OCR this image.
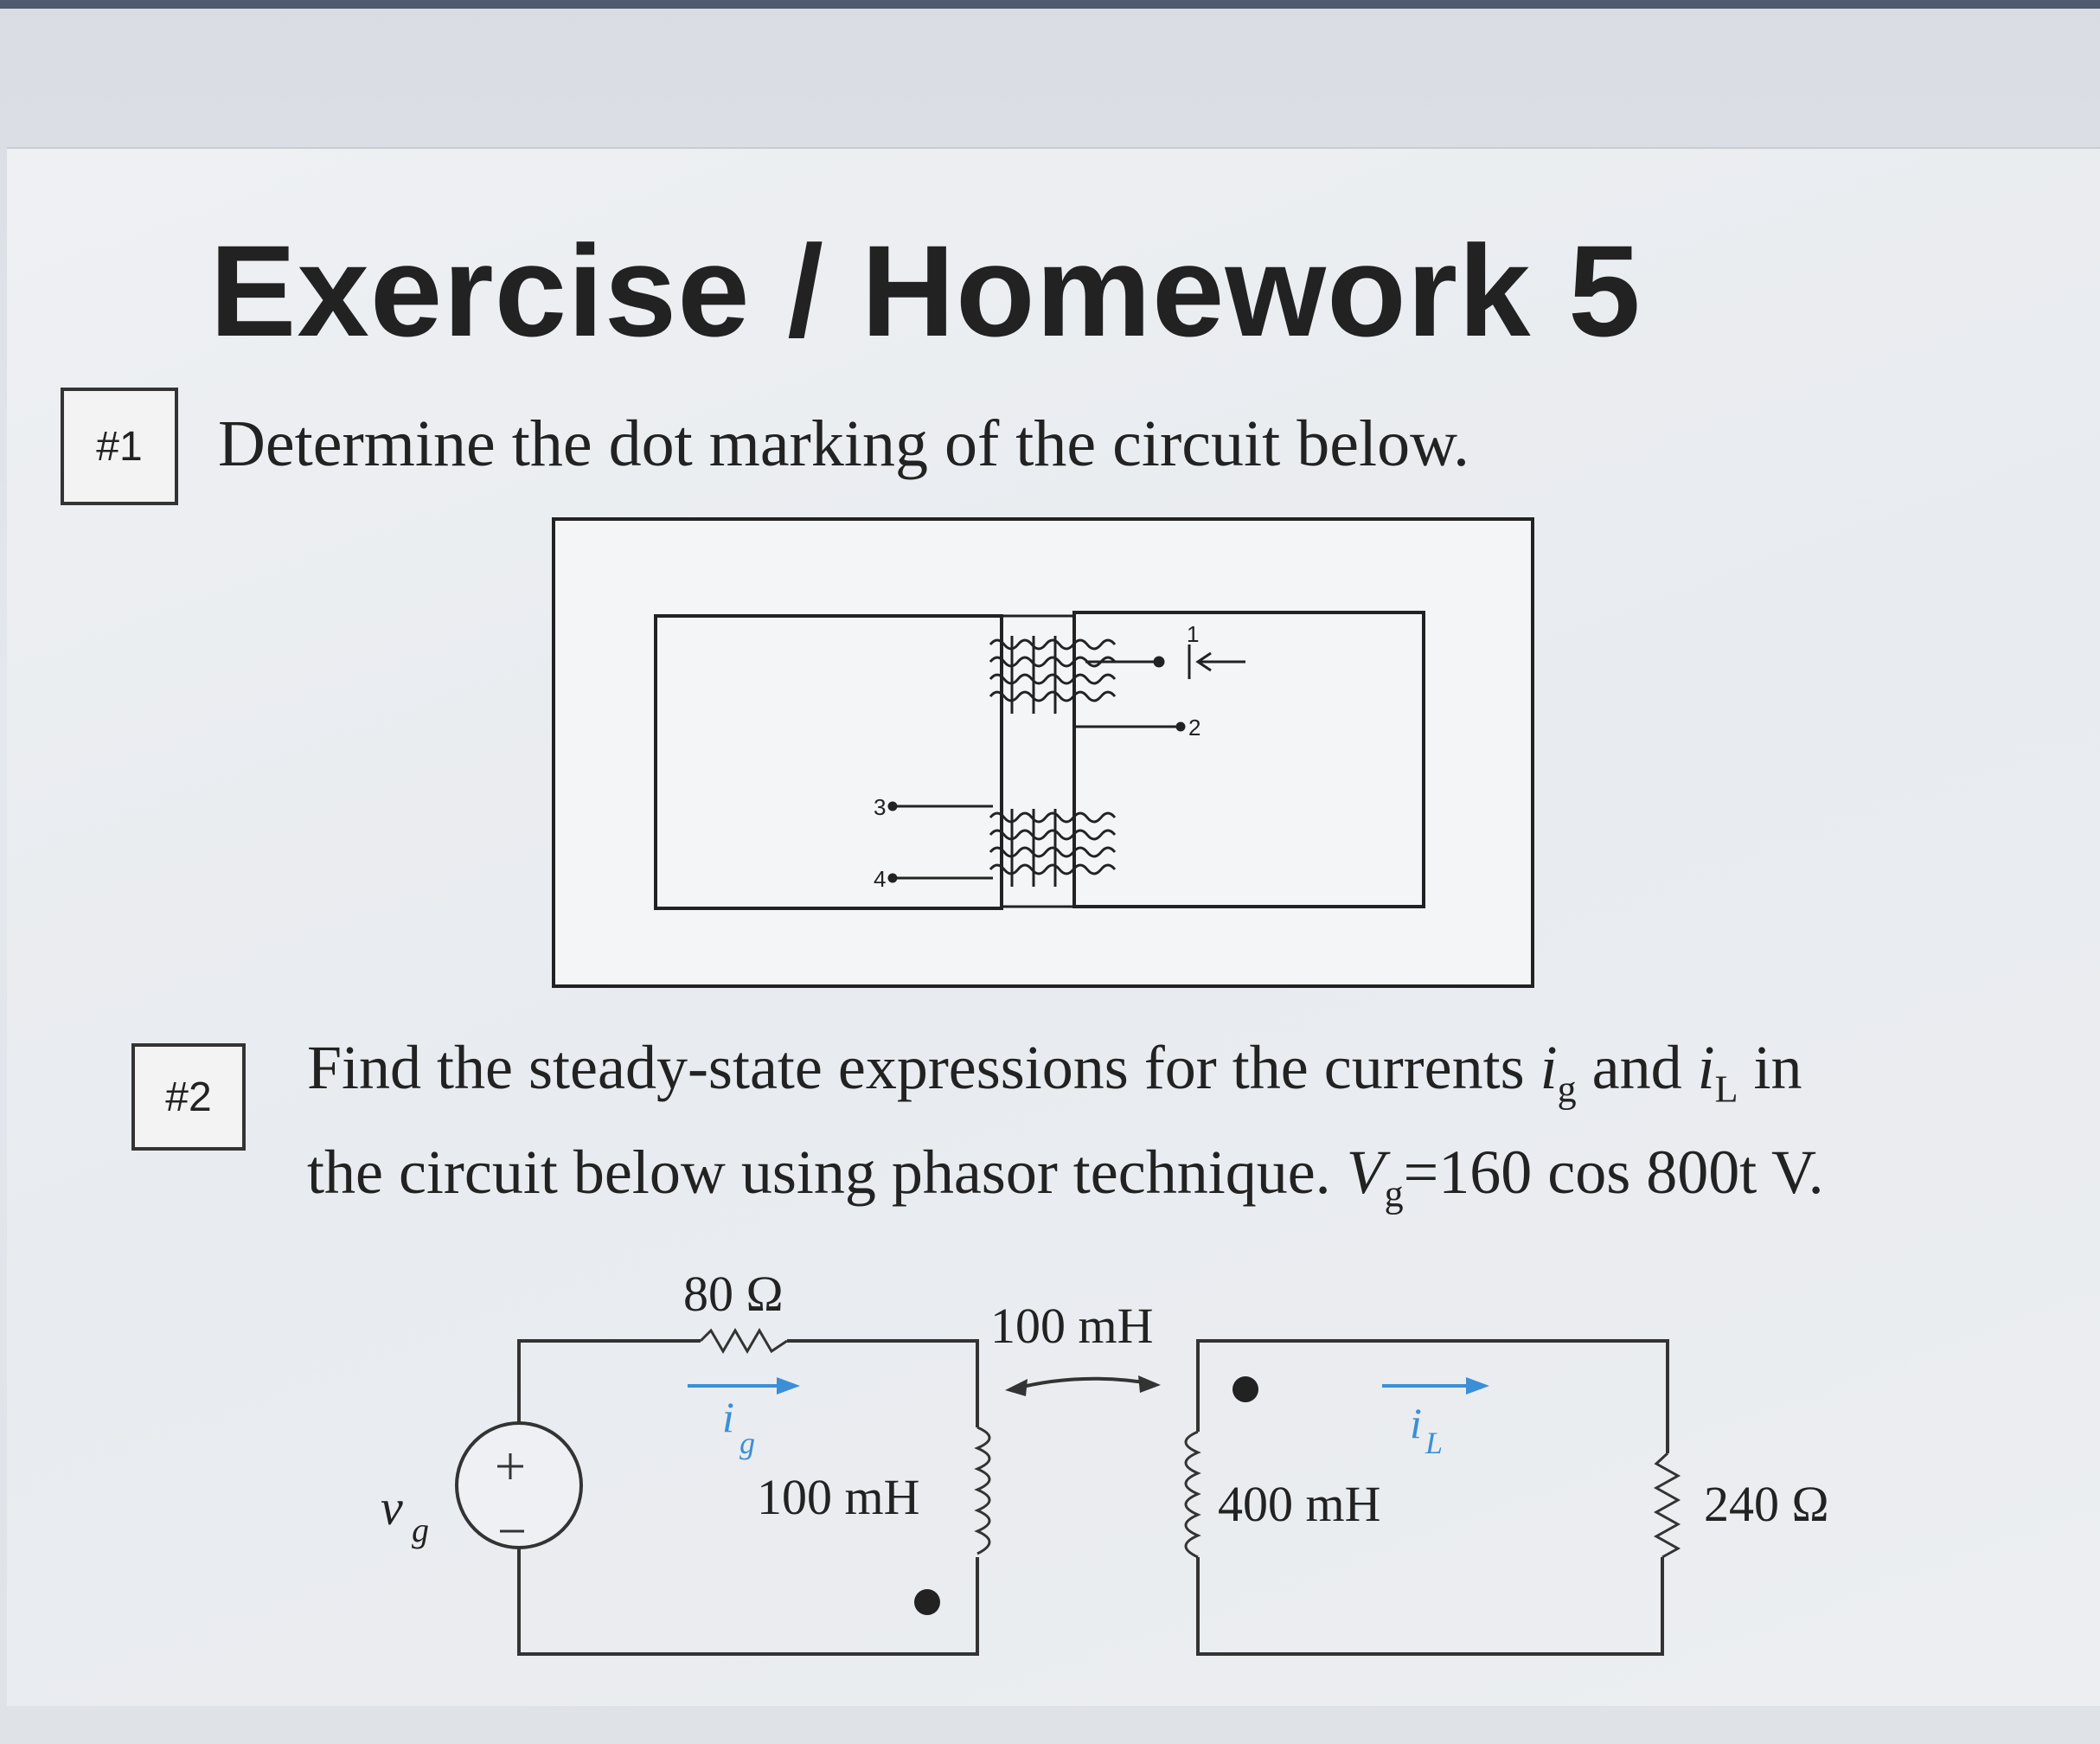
Exercise / Homework 5
#1	Determine the dot marking of the circuit below.
#2	Find the steady-state expressions for the currents $i_g$ and $i_L$ in
the circuit below using phasor technique. $V_g=160$ cos 800t V.
1
2
3
4
80 Ω
100 mH
100 mH	400 mH	240 Ω
v g
i
g	i L
